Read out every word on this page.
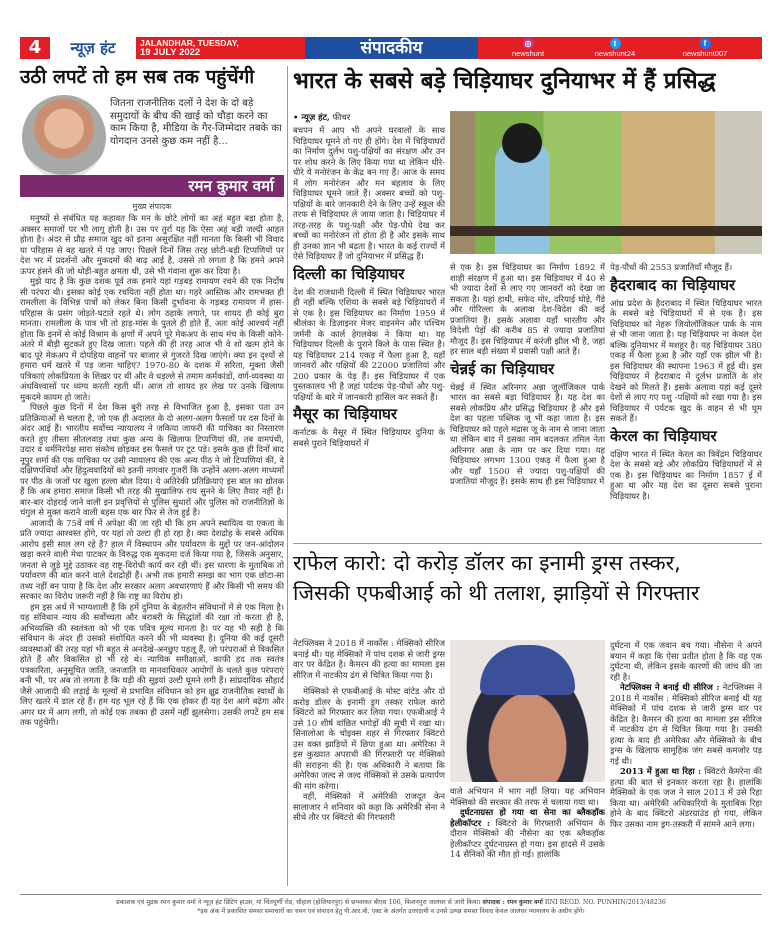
4	न्यूज़ हंट	JALANDHAR, TUESDAY,
19 JULY 2022	संपादकीय	◎
newshunt
t
newshunt24
f
newshunt007
उठी लपटें तो हम सब तक पहुंचेंगी
जितना राजनीतिक दलों ने देश के दो बड़े समुदायों के बीच की खाई को चौड़ा करने का काम किया है, मीडिया के गैर-जिम्मेदार तबके का योगदान उनसे कुछ कम नहीं है...
रमन कुमार वर्मा
मुख्य संपादक

मनुष्यों से संबंधित यह कहावत कि मन के छोटे लोगों का अहं बहुत बड़ा होता है, अक्सर समाजों पर भी लागू होती है। उस पर तुर्रा यह कि ऐसा अहं बड़ी जल्दी आहत होता है। अंदर से प्रौढ़ समाज खुद को इतना असुरक्षित नहीं मानता कि किसी भी विवाद या परिहास से वह खतरे में पड़ जाए। पिछले दिनों जिस तरह छोटी-बड़ी टिप्पणियों पर देश भर में प्रदर्शनों और मुकदमों की बाढ़ आई है, उससे तो लगता है कि हमने अपने ऊपर हंसने की जो थोड़ी-बहुत क्षमता थी, उसे भी गंवाना शुरू कर दिया है।

मुझे याद है कि कुछ दशक पूर्व तक हमारे यहां गड़बड़ रामायण रचने की एक निर्दोष सी परंपरा थी। इसका कोई एक रचयिता नहीं होता था। गहरे आस्तिक और रामभक्त ही रामलीला के विभिन्न पात्रों को लेकर बिना किसी दुर्भावना के गड़बड़ रामायण में हास-परिहास के प्रसंग जोड़ते-घटाते रहते थे। लोग ठहाके लगाते, पर शायद ही कोई बुरा मानता। रामलीला के पात्र भी तो हाड़-मांस के पुतले ही होते हैं, अतः कोई आश्चर्य नहीं होता कि इनमें से कोई विश्राम के क्षणों में अपने पूरे मेकअप के साथ मंच के किसी कोने-अंतरे में बीड़ी सुटकते हुए दिख जाता। पहले की ही तरह आज भी वे शो खत्म होने के बाद पूरे मेकअप में दोपहिया वाहनों पर बाजार से गुजरते दिख जाएंगे। क्या इन दृश्यों से हमारा धर्म खतरे में पड़ जाना चाहिए? 1970-80 के दशक में सरिता, मुक्ता जैसी पत्रिकाएं लोकप्रियता के शिखर पर थीं और वे धड़ल्ले से तमाम कर्मकांडों, वर्ण-व्यवस्था या अंधविश्वासों पर व्यंग्य करती रहती थीं। आज तो शायद हर लेख पर उनके खिलाफ मुकदमे कायम हो जाते।

पिछले कुछ दिनों में देश किस बुरी तरह से विभाजित हुआ है, इसका पता उन प्रतिक्रियाओं से चलता है, जो एक ही अदालत के दो अलग-अलग फैसलों पर दस दिनों के अंदर आई हैं। भारतीय सर्वोच्च न्यायालय ने जकिया जाफरी की याचिका का निस्तारण करते हुए तीस्ता सीतलवाड़ तथा कुछ अन्य के खिलाफ टिप्पणियां कीं, तब वामपंथी, उदार व धर्मनिरपेक्ष सारा संकोच छोड़कर इस फैसले पर टूट पड़े। इसके कुछ ही दिनों बाद नूपुर शर्मा की एक याचिका पर उसी न्यायालय की एक अन्य पीठ ने जो टिप्पणियां कीं, वे दक्षिणपंथियों और हिंदुत्ववादियों को इतनी नागवार गुजरीं कि उन्होंने अलग-अलग माध्यमों पर पीठ के जजों पर खुला हल्ला बोल दिया। ये अतिरेकी प्रतिक्रियाएं इस बात का द्योतक हैं कि अब हमारा समाज किसी भी तरह की मुखालिफ राय सुनने के लिए तैयार नहीं है। बार-बार दोहराई जाने वाली इन प्रवृत्तियों से पुलिस सुधारों और पुलिस को राजनीतिज्ञों के चंगुल से मुक्त कराने वाली बहस एक बार फिर से तेज हुई है।

आजादी के 75वें वर्ष में अपेक्षा की जा रही थी कि हम अपने स्थायित्व या एकता के प्रति ज्यादा आश्वस्त होंगे, पर यहां तो उल्टा ही हो रहा है। क्या देशद्रोह के सबसे अधिक आरोप इसी साल लग रहे हैं? हाल में विस्थापन और पर्यावरण के मुद्दों पर जन-आंदोलन खड़ा करने वाली मेधा पाटकर के विरुद्ध एक मुकदमा दर्ज किया गया है, जिसके अनुसार, जनता से जुड़े मुद्दे उठाकर वह राष्ट्र-विरोधी कार्य कर रही थीं। इस धारणा के मुताबिक तो पर्यावरण की बात करने वाले देशद्रोही हैं। अभी तक हमारी समझ का भाग एक छोटा-सा तथ्य नहीं बन पाया है कि देश और सरकार अलग अवधारणाएं हैं और किसी भी समय की सरकार का विरोध जरूरी नहीं है कि राष्ट्र का विरोध हो।

हम इस अर्थ में भाग्यशाली हैं कि हमें दुनिया के बेहतरीन संविधानों में से एक मिला है। यह संविधान न्याय की सर्वोच्चता और बराबरी के सिद्धांतों की रक्षा तो करता ही है, अभिव्यक्ति की स्वतंत्रता को भी एक पवित्र मूल्य मानता है। पर यह भी सही है कि संविधान के अंदर ही उसको संशोधित करने की भी व्यवस्था है। दुनिया की कई दूसरी व्यवस्थाओं की तरह यहां भी बहुत से अनदेखे-अनछुए पहलू हैं, जो परंपराओं से विकसित होते हैं और विकसित हो भी रहे थे। न्यायिक समीक्षाओं, काफी हद तक स्वतंत्र पत्रकारिता, अनुसूचित जाति, जनजाति या मानवाधिकार आयोगों के चलते कुछ परंपराएं बनी भी, पर अब तो लगता है कि घड़ी की सूइयां उल्टी घूमने लगी हैं। सांप्रदायिक सौहार्द जैसे आजादी की लड़ाई के मूल्यों से प्रभावित संविधान को हम क्षुद्र राजनीतिक स्वार्थों के लिए खतरे में डाल रहे हैं। हम यह भूल रहे हैं कि एक होकर ही यह देश आगे बढ़ेगा और अगर घर में आग लगी, तो कोई एक तबका ही उसमें नहीं झुलसेगा। उसकी लपटें हम सब तक पहुंचेंगी।

भारत के सबसे बड़े चिड़ियाघर दुनियाभर में हैं प्रसिद्ध
• न्यूज़ हंट, फीचर

बचपन में आप भी अपने घरवालों के साथ चिड़ियाघर घूमने तो गए ही होंगे। देश में चिड़ियाघरों का निर्माण दुर्लभ पशु-पक्षियों का संरक्षण और उन पर शोध करने के लिए किया गया था लेकिन धीरे-धीरे ये मनोरंजन के केंद्र बन गए हैं। आज के समय में लोग मनोरंजन और मन बहलाव के लिए चिड़ियाघर घूमने जाते हैं। अक्सर बच्चों को पशु-पक्षियों के बारे जानकारी देने के लिए उन्हें स्कूल की तरफ से चिड़ियाघर ले जाया जाता है। चिड़ियाघर में तरह-तरह के पशु-पक्षी और पेड़-पौधे देख कर बच्चों का मनोरंजन तो होता ही है और इसके साथ ही उनका ज्ञान भी बढ़ता है। भारत के कई राज्यों में ऐसे चिड़ियाघर हैं जो दुनियाभर में प्रसिद्ध हैं।

दिल्ली का चिड़ियाघर

देश की राजधानी दिल्ली में स्थित चिड़ियाघर भारत ही नहीं बल्कि एशिया के सबसे बड़े चिड़ियाघरों में से एक है। इस चिड़ियाघर का निर्माण 1959 में श्रीलंका के डिज़ाइनर मेजर वाइनमेन और पश्चिम जर्मनी के कार्ल हेगलबेक ने किया था। यह चिड़ियाघर दिल्ली के पुराने किले के पास स्थित है। यह चिड़ियाघर 214 एकड़ में फैला हुआ है, यहाँ जानवरों और पक्षियों की 22000 प्रजातियां और 200 प्रकार के पेड़ हैं। इस चिड़ियाघर में एक पुस्तकालय भी है जहां पर्यटक पेड़-पौधों और पशु-पक्षियों के बारे में जानकारी हासिल कर सकते हैं।

मैसूर का चिड़ियाघर

कर्नाटक के मैसूर में स्थित चिड़ियाघर दुनिया के सबसे पुराने चिड़ियाघरों में

से एक है। इस चिड़ियाघर का निर्माण 1892 में शाही संरक्षण में हुआ था। इस चिड़ियाघर में 40 से भी ज्यादा देशों से लाए गए जानवरों को देखा जा सकता है। यहां हाथी, सफेद मोर, दरियाई घोड़े, गैंडे और गोरिल्ला के अलावा देश-विदेश की कई प्रजातियां हैं। इसके अलावा यहाँ भारतीय और विदेशी पेड़ों की करीब 85 से ज्यादा प्रजातियां मौजूद हैं। इस चिड़ियाघर में करंजी झील भी है, जहां हर साल बड़ी संख्या में प्रवासी पक्षी आते हैं।

चेन्नई का चिड़ियाघर

चेन्नई में स्थित अरिनगर अन्ना जुलॉजिकल पार्क भारत का सबसे बड़ा चिड़ियाघर है। यह देश का सबसे लोकप्रिय और प्रसिद्ध चिड़ियाघर है और इसे देश का पहला पब्लिक जू भी कहा जाता है। इस चिड़ियाघर को पहले मद्रास जू के नाम से जाना जाता था लेकिन बाद में इसका नाम बदलकर तमिल नेता अरिनगर अन्ना के नाम पर कर दिया गया। यह चिड़ियाघर लगभग 1300 एकड़ में फैला हुआ है और यहाँ 1500 से ज्यादा पशु-पक्षियों की प्रजातियां मौजूद हैं। इसके साथ ही इस चिड़ियाघर में

पेड़-पौधों की 2553 प्रजातियाँ मौजूद हैं।

हैदराबाद का चिड़ियाघर

आंध्र प्रदेश के हैदराबाद में स्थित चिड़ियाघर भारत के सबसे बड़े चिड़ियाघरों में से एक है। इस चिड़ियाघर को नेहरू जियोलॉजिकल पार्क के नाम से भी जाना जाता है। यह चिड़ियाघर ना केवल देश बल्कि दुनियाभर में मशहूर है। यह चिड़ियाघर 380 एकड़ में फैला हुआ है और यहाँ एक झील भी है। इस चिड़ियाघर की स्थापना 1963 में हुई थी। इस चिड़ियाघर में हैदराबाद में दुर्लभ प्रजाति के शेर देखने को मिलते हैं। इसके अलावा यहां कई दूसरे देशों से लाए गए पशु -पक्षियों को रखा गया है। इस चिड़ियाघर में पर्यटक खुद के वाहन से भी घूम सकते हैं।

केरल का चिड़ियाघर

दक्षिण भारत में स्थित केरल का त्रिवेंद्रम चिड़ियाघर देश के सबसे बड़े और लोकप्रिय चिड़ियाघरों में से एक है। इस चिड़ियाघर का निर्माण 1857 ई में हुआ था और यह देश का दूसरा सबसे पुराना चिड़ियाघर है।

राफेल कारो: दो करोड़ डॉलर का इनामी ड्रग्स तस्कर,
जिसकी एफबीआई को थी तलाश, झाड़ियों से गिरफ्तार

नेटफ्लिक्स ने 2018 में नार्कोस : मेक्सिको सीरिज बनाई थी। यह मेक्सिको में पांच दशक से जारी ड्रग्स वार पर केंद्रित है। कैमरन की हत्या का मामला इस सीरिज में नाटकीय ढंग से चित्रित किया गया है।

मेक्सिको से एफबीआई के मोस्ट वांटेड और दो करोड़ डॉलर के इनामी ड्रग तस्कर राफेल कारो क्विंटरो को गिरफ्तार कर लिया गया। एफबीआई ने उसे 10 शीर्ष वांछित भगोड़ों की सूची में रखा था। सिनालोआ के चोइक्स शहर से गिरफ्तार क्विंटरो उस वक्त झाड़ियों में छिपा हुआ था। अमेरिका ने इस कुख्यात अपराधी की गिरफ्तारी पर मेक्सिको की सराहना की है। एक अधिकारी ने बताया कि अमेरिका जल्द से जल्द मेक्सिको से उसके प्रत्यार्पण की मांग करेगा।

वहीं, मेक्सिको में अमेरिकी राजदूत केन सालाजार ने शनिवार को कहा कि अमेरिकी सेना ने सीधे तौर पर क्विंटरो की गिरफ्तारी

वाले अभियान में भाग नहीं लिया। यह अभियान मेक्सिको की सरकार की तरफ से चलाया गया था।

दुर्घटनाग्रस्त हो गया था सेना का ब्लैकहॉक हेलीकॉप्टर : क्विंटरो के गिरफ्तारी अभियान के दौरान मेक्सिको की नौसेना का एक ब्लैकहॉक हेलीकॉप्टर दुर्घटनाग्रस्त हो गया। इस हादसे में उसके 14 सैनिकों की मौत हो गई। हालांकि

दुर्घटना में एक जवान बच गया। नौसेना ने अपने बयान में कहा कि ऐसा प्रतीत होता है कि यह एक दुर्घटना थी, लेकिन इसके कारणों की जांच की जा रही है।

नेटफ्लिक्स ने बनाई थी सीरिज : नेटफ्लिक्स ने 2018 में नार्कोस : मेक्सिको सीरिज बनाई थी यह मेक्सिको में पांच दशक से जारी ड्रग्स वार पर केंद्रित है। कैमरन की हत्या का मामला इस सीरिज में नाटकीय ढंग से चित्रित किया गया है। उसकी हत्या के बाद ही अमेरिका और मेक्सिको के बीच ड्रग्स के खिलाफ सामूहिक जंग सबसे कमजोर पड़ गई थी।

2013 में हुआ था रिहा : क्विंटरो कैमरेना की हत्या की बात से इनकार करता रहा है। हालांकि मैक्सिको के एक जज ने साल 2013 में उसे रिहा किया था। अमेरिकी अधिकारियों के मुताबिक रिहा होने के बाद क्विंटरो अंडरग्राउंड हो गया, लेकिन फिर उसका नाम ड्रग-तस्करी में सामने आने लगा।

प्रकाशक एवं मुद्रक रमन कुमार वर्मा ने न्यूज़ हंट प्रिंटिंग हाउस, मां चिंतपूर्णी रोड, चौहाल (होशियारपुर) से छपवाकर बीएस 106, किशनपुरा जालंधर से जारी किया। संपादक : रमन कुमार वर्मा RNI REGD. NO. PUNHIN/2013/48236
*इस अंक में प्रकाशित समस्त समाचारों का चयन एवं संपादन हेतु पी.आर.बी. एक्ट के अंतर्गत उत्तरदायी व उनसे उत्पन्न समस्त विवाद केवल जालंधर न्यायालय के अधीन होंगे।
